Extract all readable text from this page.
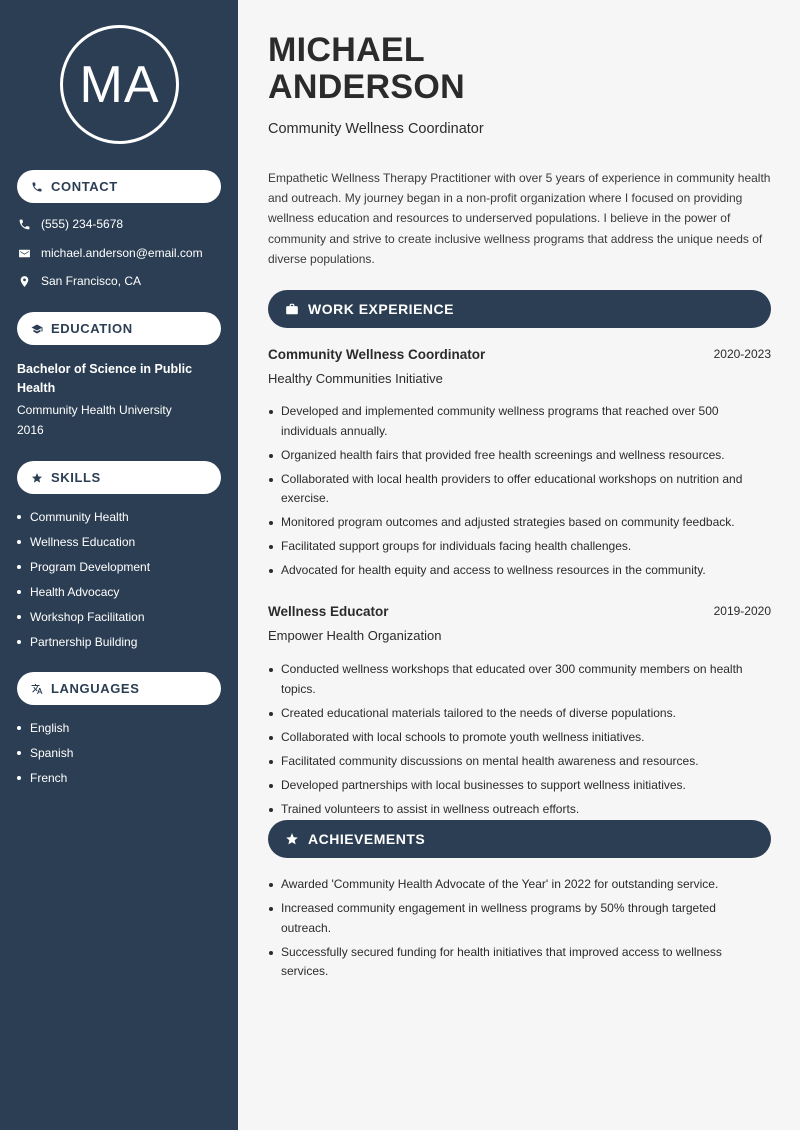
MA
CONTACT
(555) 234-5678
michael.anderson@email.com
San Francisco, CA
EDUCATION
Bachelor of Science in Public Health
Community Health University
2016
SKILLS
Community Health
Wellness Education
Program Development
Health Advocacy
Workshop Facilitation
Partnership Building
LANGUAGES
English
Spanish
French
MICHAEL
ANDERSON
Community Wellness Coordinator
Empathetic Wellness Therapy Practitioner with over 5 years of experience in community health and outreach. My journey began in a non-profit organization where I focused on providing wellness education and resources to underserved populations. I believe in the power of community and strive to create inclusive wellness programs that address the unique needs of diverse populations.
WORK EXPERIENCE
Community Wellness Coordinator	2020-2023
Healthy Communities Initiative
Developed and implemented community wellness programs that reached over 500 individuals annually.
Organized health fairs that provided free health screenings and wellness resources.
Collaborated with local health providers to offer educational workshops on nutrition and exercise.
Monitored program outcomes and adjusted strategies based on community feedback.
Facilitated support groups for individuals facing health challenges.
Advocated for health equity and access to wellness resources in the community.
Wellness Educator	2019-2020
Empower Health Organization
Conducted wellness workshops that educated over 300 community members on health topics.
Created educational materials tailored to the needs of diverse populations.
Collaborated with local schools to promote youth wellness initiatives.
Facilitated community discussions on mental health awareness and resources.
Developed partnerships with local businesses to support wellness initiatives.
Trained volunteers to assist in wellness outreach efforts.
ACHIEVEMENTS
Awarded 'Community Health Advocate of the Year' in 2022 for outstanding service.
Increased community engagement in wellness programs by 50% through targeted outreach.
Successfully secured funding for health initiatives that improved access to wellness services.
